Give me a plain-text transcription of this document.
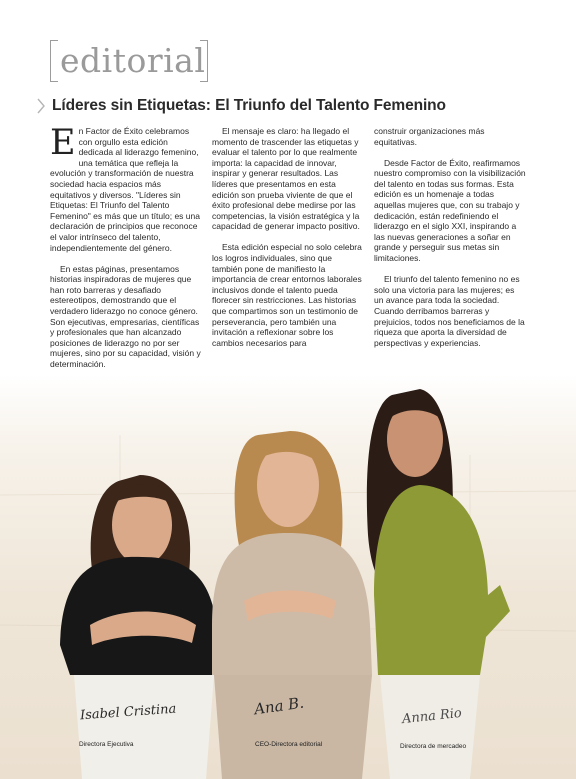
editorial
Líderes sin Etiquetas: El Triunfo del Talento Femenino

En Factor de Éxito celebramos con orgullo esta edición dedicada al liderazgo femenino, una temática que refleja la evolución y transformación de nuestra sociedad hacia espacios más equitativos y diversos. "Líderes sin Etiquetas: El Triunfo del Talento Femenino" es más que un título; es una declaración de principios que reconoce el valor intrínseco del talento, independientemente del género.

En estas páginas, presentamos historias inspiradoras de mujeres que han roto barreras y desafiado estereotipos, demostrando que el verdadero liderazgo no conoce género. Son ejecutivas, empresarias, científicas y profesionales que han alcanzado posiciones de liderazgo no por ser mujeres, sino por su capacidad, visión y determinación.

El mensaje es claro: ha llegado el momento de trascender las etiquetas y evaluar el talento por lo que realmente importa: la capacidad de innovar, inspirar y generar resultados. Las líderes que presentamos en esta edición son prueba viviente de que el éxito profesional debe medirse por las competencias, la visión estratégica y la capacidad de generar impacto positivo.

Esta edición especial no solo celebra los logros individuales, sino que también pone de manifiesto la importancia de crear entornos laborales inclusivos donde el talento pueda florecer sin restricciones. Las historias que compartimos son un testimonio de perseverancia, pero también una invitación a reflexionar sobre los cambios necesarios para

construir organizaciones más equitativas.

Desde Factor de Éxito, reafirmamos nuestro compromiso con la visibilización del talento en todas sus formas. Esta edición es un homenaje a todas aquellas mujeres que, con su trabajo y dedicación, están redefiniendo el liderazgo en el siglo XXI, inspirando a las nuevas generaciones a soñar en grande y perseguir sus metas sin limitaciones.

El triunfo del talento femenino no es solo una victoria para las mujeres; es un avance para toda la sociedad. Cuando derribamos barreras y prejuicios, todos nos beneficiamos de la riqueza que aporta la diversidad de perspectivas y experiencias.

Isabel Cristina
Directora Ejecutiva
Ana B.
CEO-Directora editorial
Anna Rio
Directora de mercadeo
